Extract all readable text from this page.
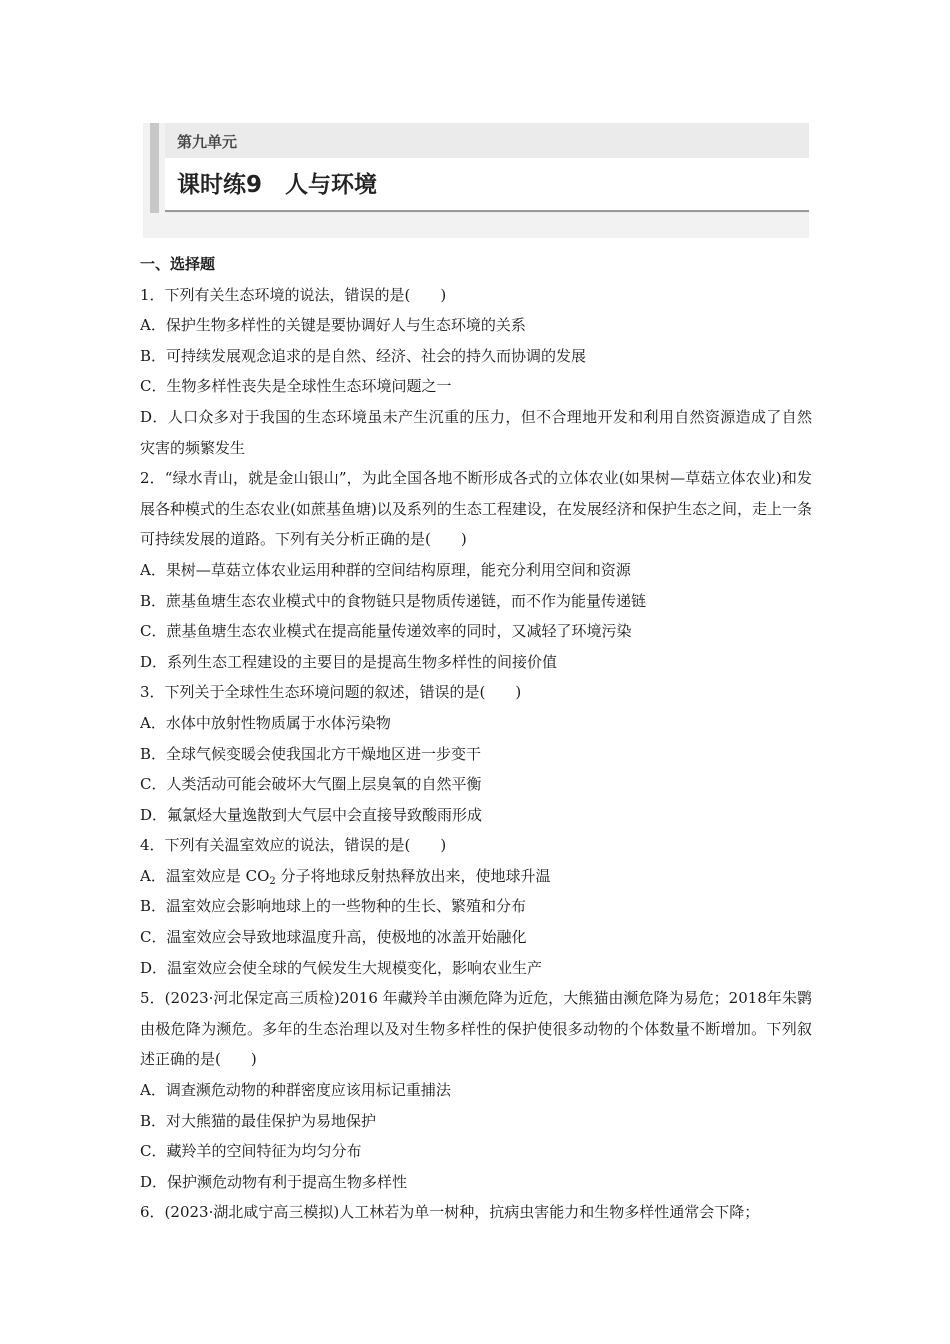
第九单元
课时练9　人与环境
一、选择题
1．下列有关生态环境的说法，错误的是(　　)
A．保护生物多样性的关键是要协调好人与生态环境的关系
B．可持续发展观念追求的是自然、经济、社会的持久而协调的发展
C．生物多样性丧失是全球性生态环境问题之一
D．人口众多对于我国的生态环境虽未产生沉重的压力，但不合理地开发和利用自然资源造成了自然灾害的频繁发生
2．“绿水青山，就是金山银山”，为此全国各地不断形成各式的立体农业(如果树—草菇立体农业)和发展各种模式的生态农业(如蔗基鱼塘)以及系列的生态工程建设，在发展经济和保护生态之间，走上一条可持续发展的道路。下列有关分析正确的是(　　)
A．果树—草菇立体农业运用种群的空间结构原理，能充分利用空间和资源
B．蔗基鱼塘生态农业模式中的食物链只是物质传递链，而不作为能量传递链
C．蔗基鱼塘生态农业模式在提高能量传递效率的同时，又减轻了环境污染
D．系列生态工程建设的主要目的是提高生物多样性的间接价值
3．下列关于全球性生态环境问题的叙述，错误的是(　　)
A．水体中放射性物质属于水体污染物
B．全球气候变暖会使我国北方干燥地区进一步变干
C．人类活动可能会破坏大气圈上层臭氧的自然平衡
D．氟氯烃大量逸散到大气层中会直接导致酸雨形成
4．下列有关温室效应的说法，错误的是(　　)
A．温室效应是 $CO_2$ 分子将地球反射热释放出来，使地球升温
B．温室效应会影响地球上的一些物种的生长、繁殖和分布
C．温室效应会导致地球温度升高，使极地的冰盖开始融化
D．温室效应会使全球的气候发生大规模变化，影响农业生产
5．(2023·河北保定高三质检)2016 年藏羚羊由濒危降为近危，大熊猫由濒危降为易危；2018年朱鹮由极危降为濒危。多年的生态治理以及对生物多样性的保护使很多动物的个体数量不断增加。下列叙述正确的是(　　)
A．调查濒危动物的种群密度应该用标记重捕法
B．对大熊猫的最佳保护为易地保护
C．藏羚羊的空间特征为均匀分布
D．保护濒危动物有利于提高生物多样性
6．(2023·湖北咸宁高三模拟)人工林若为单一树种，抗病虫害能力和生物多样性通常会下降；
